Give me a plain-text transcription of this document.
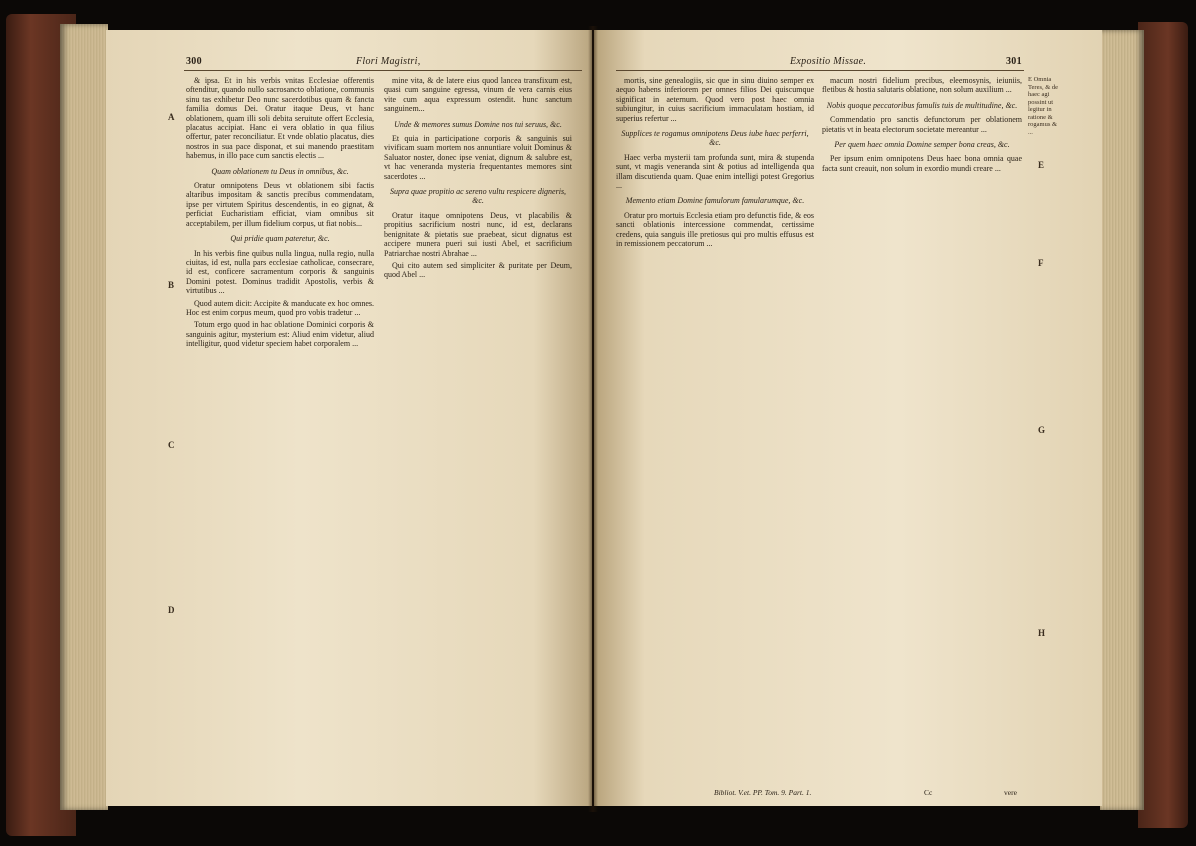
300	Flori Magistri,
A
B
C
D

& ipsa. Et in his verbis vnitas Ecclesiae offerentis oftenditur, quando nullo sacrosancto oblatione, communis sinu tas exhibetur Deo nunc sacerdotibus quam & fancta familia domus Dei. Oratur itaque Deus, vt hanc oblationem, quam illi soli debita seruitute offert Ecclesia, placatus accipiat. Hanc ei vera oblatio in qua filius offertur, pater reconciliatur. Et vnde oblatio placatus, dies nostros in sua pace disponat, et sui manendo praestitam habemus, in illo pace cum sanctis electis ...

Quam oblationem tu Deus in omnibus, &c.

Oratur omnipotens Deus vt oblationem sibi factis altaribus impositam & sanctis precibus commendatam, ipse per virtutem Spiritus descendentis, in eo gignat, & perficiat Eucharistiam efficiat, viam omnibus sit acceptabilem, per illum fidelium corpus, ut fiat nobis...

Qui pridie quam pateretur, &c.

In his verbis fine quibus nulla lingua, nulla regio, nulla ciuitas, id est, nulla pars ecclesiae catholicae, consecrare, id est, conficere sacramentum corporis & sanguinis Domini potest. Dominus tradidit Apostolis, verbis & virtutibus ...

Quod autem dicit: Accipite & manducate ex hoc omnes. Hoc est enim corpus meum, quod pro vobis tradetur ...

Totum ergo quod in hac oblatione Dominici corporis & sanguinis agitur, mysterium est: Aliud enim videtur, aliud intelligitur, quod videtur speciem habet corporalem ...

mine vita, & de latere eius quod lancea transfixum est, quasi cum sanguine egressa, vinum de vera carnis eius vite cum aqua expressum ostendit. hunc sanctum sanguinem...

Unde & memores sumus Domine nos tui seruus, &c.

Et quia in participatione corporis & sanguinis sui vivificam suam mortem nos annuntiare voluit Dominus & Saluator noster, donec ipse veniat, dignum & salubre est, vt hac veneranda mysteria frequentantes memores sint sacerdotes ...

Supra quae propitio ac sereno vultu respicere digneris, &c.

Oratur itaque omnipotens Deus, vt placabilis & propitius sacrificium nostri nunc, id est, declarans benignitate & pietatis sue praebeat, sicut dignatus est accipere munera pueri sui iusti Abel, et sacrificium Patriarchae nostri Abrahae ...

Qui cito autem sed simpliciter & puritate per Deum, quod Abel ...

Expositio Missae.	301

mortis, sine genealogiis, sic que in sinu diuino semper ex aequo habens inferiorem per omnes filios Dei quiscumque significat in aeternum. Quod vero post haec omnia subiungitur, in cuius sacrificium immaculatam hostiam, id superius refertur ...

Supplices te rogamus omnipotens Deus iube haec perferri, &c.

Haec verba mysterii tam profunda sunt, mira & stupenda sunt, vt magis veneranda sint & potius ad intelligenda qua illam discutienda quam. Quae enim intelligi potest Gregorius ...

Memento etiam Domine famulorum famularumque, &c.

Oratur pro mortuis Ecclesia etiam pro defunctis fide, & eos sancti oblationis intercessione commendat, certissime credens, quia sanguis ille pretiosus qui pro multis effusus est in remissionem peccatorum ...

macum nostri fidelium precibus, eleemosynis, ieiuniis, fletibus & hostia salutaris oblatione, non solum auxilium ...

Nobis quoque peccatoribus famulis tuis de multitudine, &c.

Commendatio pro sanctis defunctorum per oblationem pietatis vt in beata electorum societate mereantur ...

Per quem haec omnia Domine semper bona creas, &c.

Per ipsum enim omnipotens Deus haec bona omnia quae facta sunt creauit, non solum in exordio mundi creare ...

E Omnia Teres, & de haec agi possint ut legitur in ratione & rogamus & ...
E
F
G
H
Bibliot. V.et. PP. Tom. 9. Part. 1.	Cc	vere
